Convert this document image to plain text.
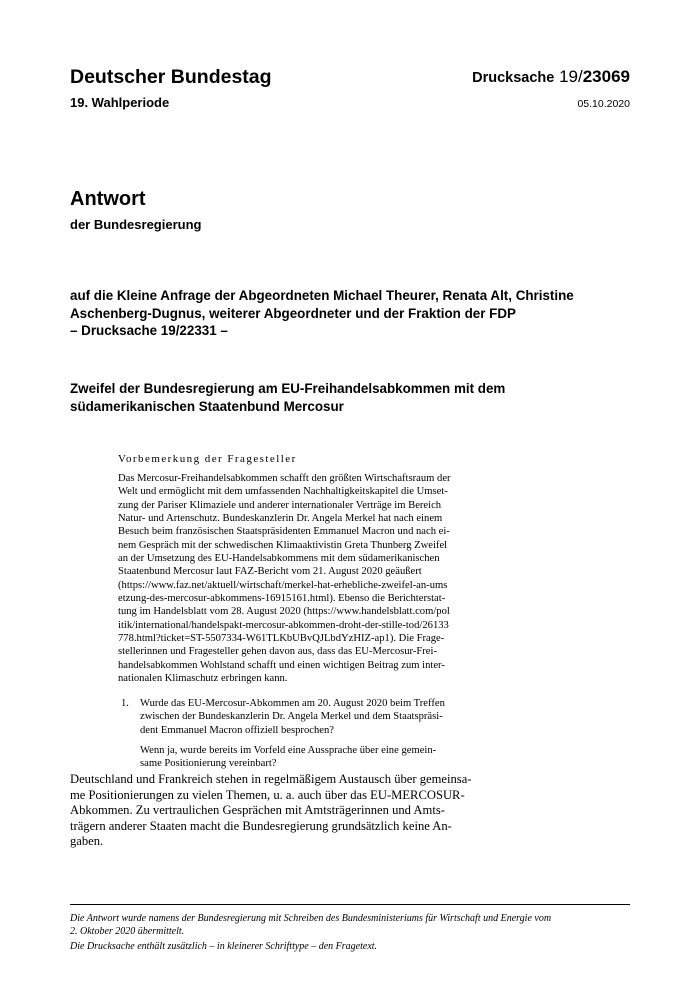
Deutscher Bundestag
19. Wahlperiode
Drucksache 19/23069
05.10.2020
Antwort
der Bundesregierung
auf die Kleine Anfrage der Abgeordneten Michael Theurer, Renata Alt, Christine
Aschenberg-Dugnus, weiterer Abgeordneter und der Fraktion der FDP
– Drucksache 19/22331 –
Zweifel der Bundesregierung am EU-Freihandelsabkommen mit dem
südamerikanischen Staatenbund Mercosur
Vorbemerkung der Fragesteller
Das Mercosur-Freihandelsabkommen schafft den größten Wirtschaftsraum der
Welt und ermöglicht mit dem umfassenden Nachhaltigkeitskapitel die Umset-
zung der Pariser Klimaziele und anderer internationaler Verträge im Bereich
Natur- und Artenschutz. Bundeskanzlerin Dr. Angela Merkel hat nach einem
Besuch beim französischen Staatspräsidenten Emmanuel Macron und nach ei-
nem Gespräch mit der schwedischen Klimaaktivistin Greta Thunberg Zweifel
an der Umsetzung des EU-Handelsabkommens mit dem südamerikanischen
Staatenbund Mercosur laut FAZ-Bericht vom 21. August 2020 geäußert
(https://www.faz.net/aktuell/wirtschaft/merkel-hat-erhebliche-zweifel-an-ums
etzung-des-mercosur-abkommens-16915161.html). Ebenso die Berichterstat-
tung im Handelsblatt vom 28. August 2020 (https://www.handelsblatt.com/pol
itik/international/handelspakt-mercosur-abkommen-droht-der-stille-tod/26133
778.html?ticket=ST-5507334-W61TLKbUBvQJLbdYzHIZ-ap1). Die Frage-
stellerinnen und Fragesteller gehen davon aus, dass das EU-Mercosur-Frei-
handelsabkommen Wohlstand schafft und einen wichtigen Beitrag zum inter-
nationalen Klimaschutz erbringen kann.
1. Wurde das EU-Mercosur-Abkommen am 20. August 2020 beim Treffen
zwischen der Bundeskanzlerin Dr. Angela Merkel und dem Staatspräsi-
dent Emmanuel Macron offiziell besprochen?
Wenn ja, wurde bereits im Vorfeld eine Aussprache über eine gemein-
same Positionierung vereinbart?
Deutschland und Frankreich stehen in regelmäßigem Austausch über gemeinsa-
me Positionierungen zu vielen Themen, u. a. auch über das EU-MERCOSUR-
Abkommen. Zu vertraulichen Gesprächen mit Amtsträgerinnen und Amts-
trägern anderer Staaten macht die Bundesregierung grundsätzlich keine An-
gaben.
Die Antwort wurde namens der Bundesregierung mit Schreiben des Bundesministeriums für Wirtschaft und Energie vom
2. Oktober 2020 übermittelt.
Die Drucksache enthält zusätzlich – in kleinerer Schrifttype – den Fragetext.
